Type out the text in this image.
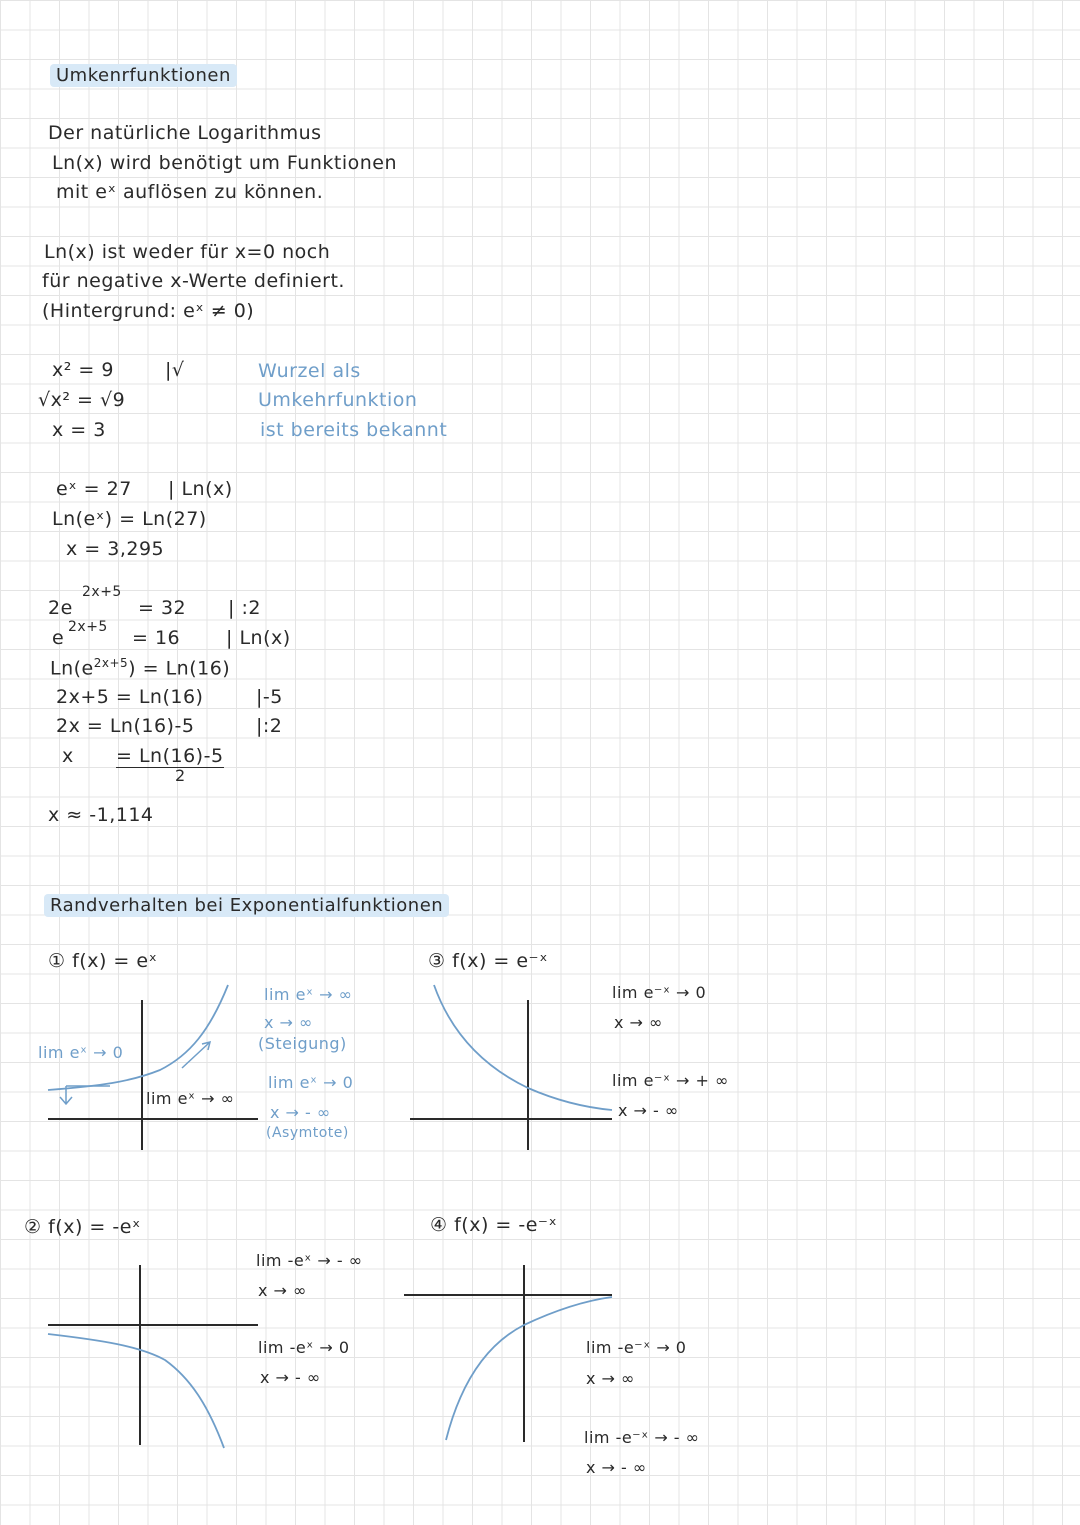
Umkenrfunktionen
Der natürliche Logarithmus
Ln(x) wird benötigt um Funktionen
mit eˣ auflösen zu können.
Ln(x) ist weder für x=0 noch
für negative x-Werte definiert.
(Hintergrund: eˣ ≠ 0)
x² = 9	|√
√x² = √9
x = 3
Wurzel als
Umkehrfunktion
ist bereits bekannt
eˣ = 27 | Ln(x)
Ln(eˣ) = Ln(27)
x = 3,295
2x+5
2e	= 32 | :2
e 2x+5 = 16 | Ln(x)
$Ln(e^{2x+5}) = Ln(16)$
2x+5 = Ln(16)	|-5
2x = Ln(16)-5	|:2
x = Ln(16)-5
2
x ≈ -1,114
Randverhalten bei Exponentialfunktionen
① f(x) = eˣ
lim eˣ → 0
lim eˣ → ∞
lim eˣ → ∞
x → ∞
(Steigung)
lim eˣ → 0
x → - ∞
(Asymtote)
③ f(x) = e⁻ˣ
lim e⁻ˣ → 0
x → ∞
lim e⁻ˣ → + ∞
x → - ∞
② f(x) = -eˣ
lim -eˣ → - ∞
x → ∞
lim -eˣ → 0
x → - ∞
④ f(x) = -e⁻ˣ
lim -e⁻ˣ → 0
x → ∞
lim -e⁻ˣ → - ∞
x → - ∞
